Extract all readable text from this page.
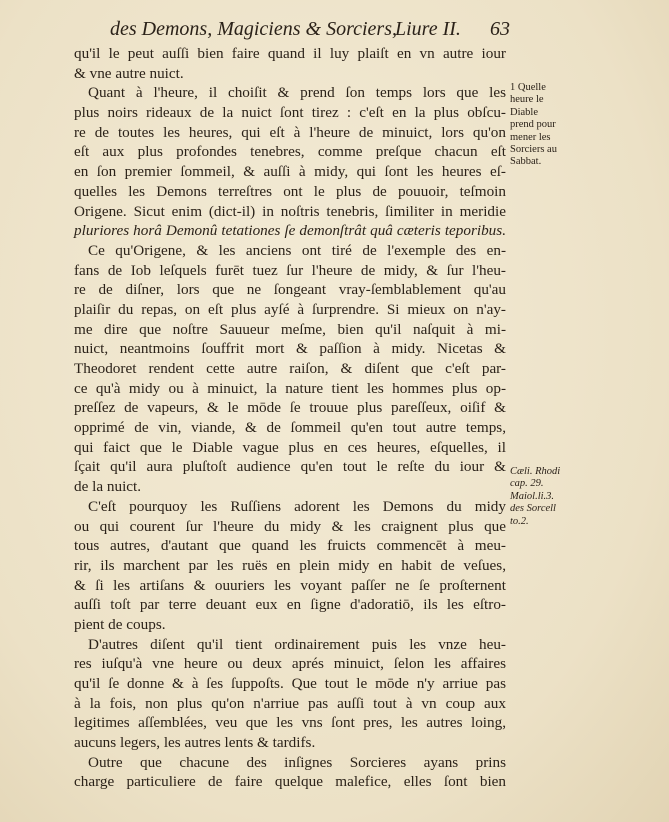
des Demons, Magiciens & Sorciers,
Liure II. 63
qu'il le peut auſſi bien faire quand il luy plaiſt en vn autre iour
& vne autre nuict.
Quant à l'heure, il choiſit & prend ſon temps lors que les
plus noirs rideaux de la nuict ſont tirez : c'eſt en la plus obſcu-
re de toutes les heures, qui eſt à l'heure de minuict, lors qu'on
eſt aux plus profondes tenebres, comme preſque chacun eſt
en ſon premier ſommeil, & auſſi à midy, qui ſont les heures eſ-
quelles les Demons terreſtres ont le plus de pouuoir, teſmoin
Origene. Sicut enim (dict-il) in noſtris tenebris, ſimiliter in meridie
pluriores horâ Demonû tetationes ſe demonſtrât quâ cæteris teporibus.
Ce qu'Origene, & les anciens ont tiré de l'exemple des en-
fans de Iob leſquels furēt tuez ſur l'heure de midy, & ſur l'heu-
re de diſner, lors que ne ſongeant vray-ſemblablement qu'au
plaiſir du repas, on eſt plus ayſé à ſurprendre. Si mieux on n'ay-
me dire que noſtre Sauueur meſme, bien qu'il naſquit à mi-
nuict, neantmoins ſouffrit mort & paſſion à midy. Nicetas &
Theodoret rendent cette autre raiſon, & diſent que c'eſt par-
ce qu'à midy ou à minuict, la nature tient les hommes plus op-
preſſez de vapeurs, & le mōde ſe trouue plus pareſſeux, oiſif &
opprimé de vin, viande, & de ſommeil qu'en tout autre temps,
qui faict que le Diable vague plus en ces heures, eſquelles, il
ſçait qu'il aura pluſtoſt audience qu'en tout le reſte du iour &
de la nuict.
C'eſt pourquoy les Ruſſiens adorent les Demons du midy
ou qui courent ſur l'heure du midy & les craignent plus que
tous autres, d'autant que quand les fruicts commencēt à meu-
rir, ils marchent par les ruës en plein midy en habit de veſues,
& ſi les artiſans & ouuriers les voyant paſſer ne ſe proſternent
auſſi toſt par terre deuant eux en ſigne d'adoratiō, ils les eſtro-
pient de coups.
D'autres diſent qu'il tient ordinairement puis les vnze heu-
res iuſqu'à vne heure ou deux aprés minuict, ſelon les affaires
qu'il ſe donne & à ſes ſuppoſts. Que tout le mōde n'y arriue pas
à la fois, non plus qu'on n'arriue pas auſſi tout à vn coup aux
legitimes aſſemblées, veu que les vns ſont pres, les autres loing,
aucuns legers, les autres lents & tardifs.
Outre que chacune des inſignes Sorcieres ayans prins
charge particuliere de faire quelque malefice, elles ſont bien
1 Quelle
heure le
Diable
prend pour
mener les
Sorciers au
Sabbat.
Cæli. Rhodi
cap. 29.
Maiol.li.3.
des Sorcell
to.2.
